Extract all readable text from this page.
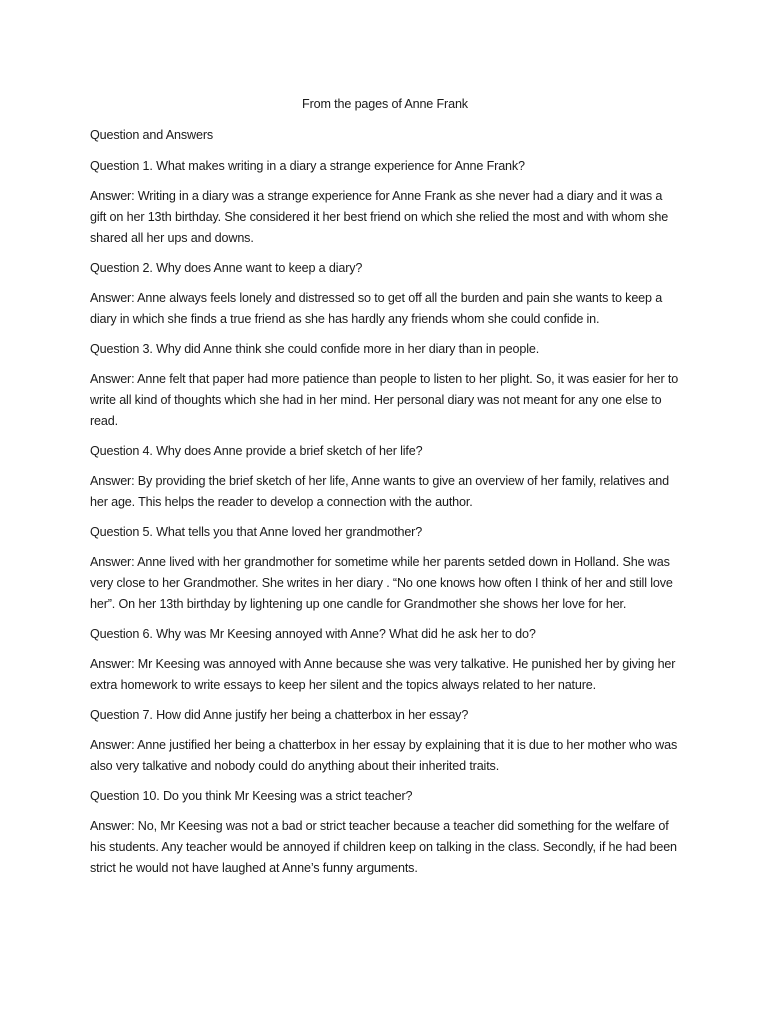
From the pages of Anne Frank

Question and Answers

Question 1. What makes writing in a diary a strange experience for Anne Frank?

Answer: Writing in a diary was a strange experience for Anne Frank as she never had a diary and it was a gift on her 13th birthday. She considered it her best friend on which she relied the most and with whom she shared all her ups and downs.

Question 2. Why does Anne want to keep a diary?

Answer: Anne always feels lonely and distressed so to get off all the burden and pain she wants to keep a diary in which she finds a true friend as she has hardly any friends whom she could confide in.

Question 3. Why did Anne think she could confide more in her diary than in people.

Answer: Anne felt that paper had more patience than people to listen to her plight. So, it was easier for her to write all kind of thoughts which she had in her mind. Her personal diary was not meant for any one else to read.

Question 4. Why does Anne provide a brief sketch of her life?

Answer: By providing the brief sketch of her life, Anne wants to give an overview of her family, relatives and her age. This helps the reader to develop a connection with the author.

Question 5. What tells you that Anne loved her grandmother?

Answer: Anne lived with her grandmother for sometime while her parents setded down in Holland. She was very close to her Grandmother. She writes in her diary . “No one knows how often I think of her and still love her”. On her 13th birthday by lightening up one candle for Grandmother she shows her love for her.

Question 6. Why was Mr Keesing annoyed with Anne? What did he ask her to do?

Answer: Mr Keesing was annoyed with Anne because she was very talkative. He punished her by giving her extra homework to write essays to keep her silent and the topics always related to her nature.

Question 7. How did Anne justify her being a chatterbox in her essay?

Answer: Anne justified her being a chatterbox in her essay by explaining that it is due to her mother who was also very talkative and nobody could do anything about their inherited traits.

Question 10. Do you think Mr Keesing was a strict teacher?

Answer: No, Mr Keesing was not a bad or strict teacher because a teacher did something for the welfare of his students. Any teacher would be annoyed if children keep on talking in the class. Secondly, if he had been strict he would not have laughed at Anne’s funny arguments.
